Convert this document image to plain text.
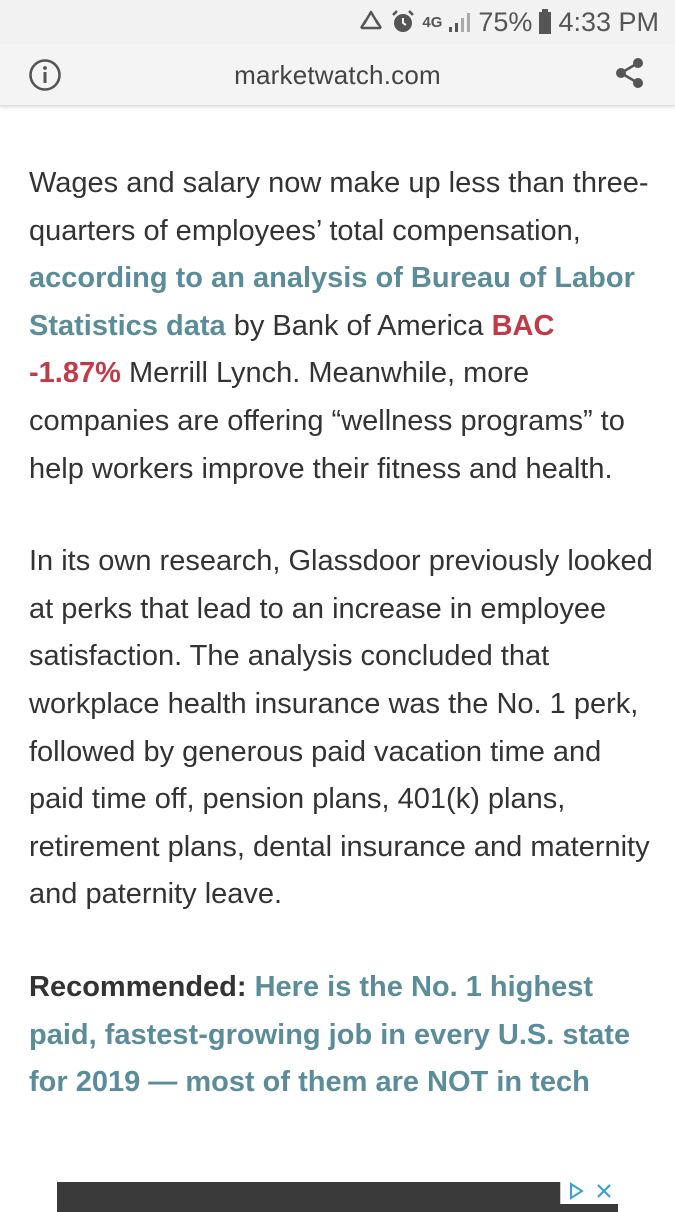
4G 75% 4:33 PM
marketwatch.com

Wages and salary now make up less than three-quarters of employees’ total compensation, according to an analysis of Bureau of Labor Statistics data by Bank of America BAC -1.87% Merrill Lynch. Meanwhile, more companies are offering “wellness programs” to help workers improve their fitness and health.

In its own research, Glassdoor previously looked at perks that lead to an increase in employee satisfaction. The analysis concluded that workplace health insurance was the No. 1 perk, followed by generous paid vacation time and paid time off, pension plans, 401(k) plans, retirement plans, dental insurance and maternity and paternity leave.

Recommended: Here is the No. 1 highest paid, fastest-growing job in every U.S. state for 2019 — most of them are NOT in tech
